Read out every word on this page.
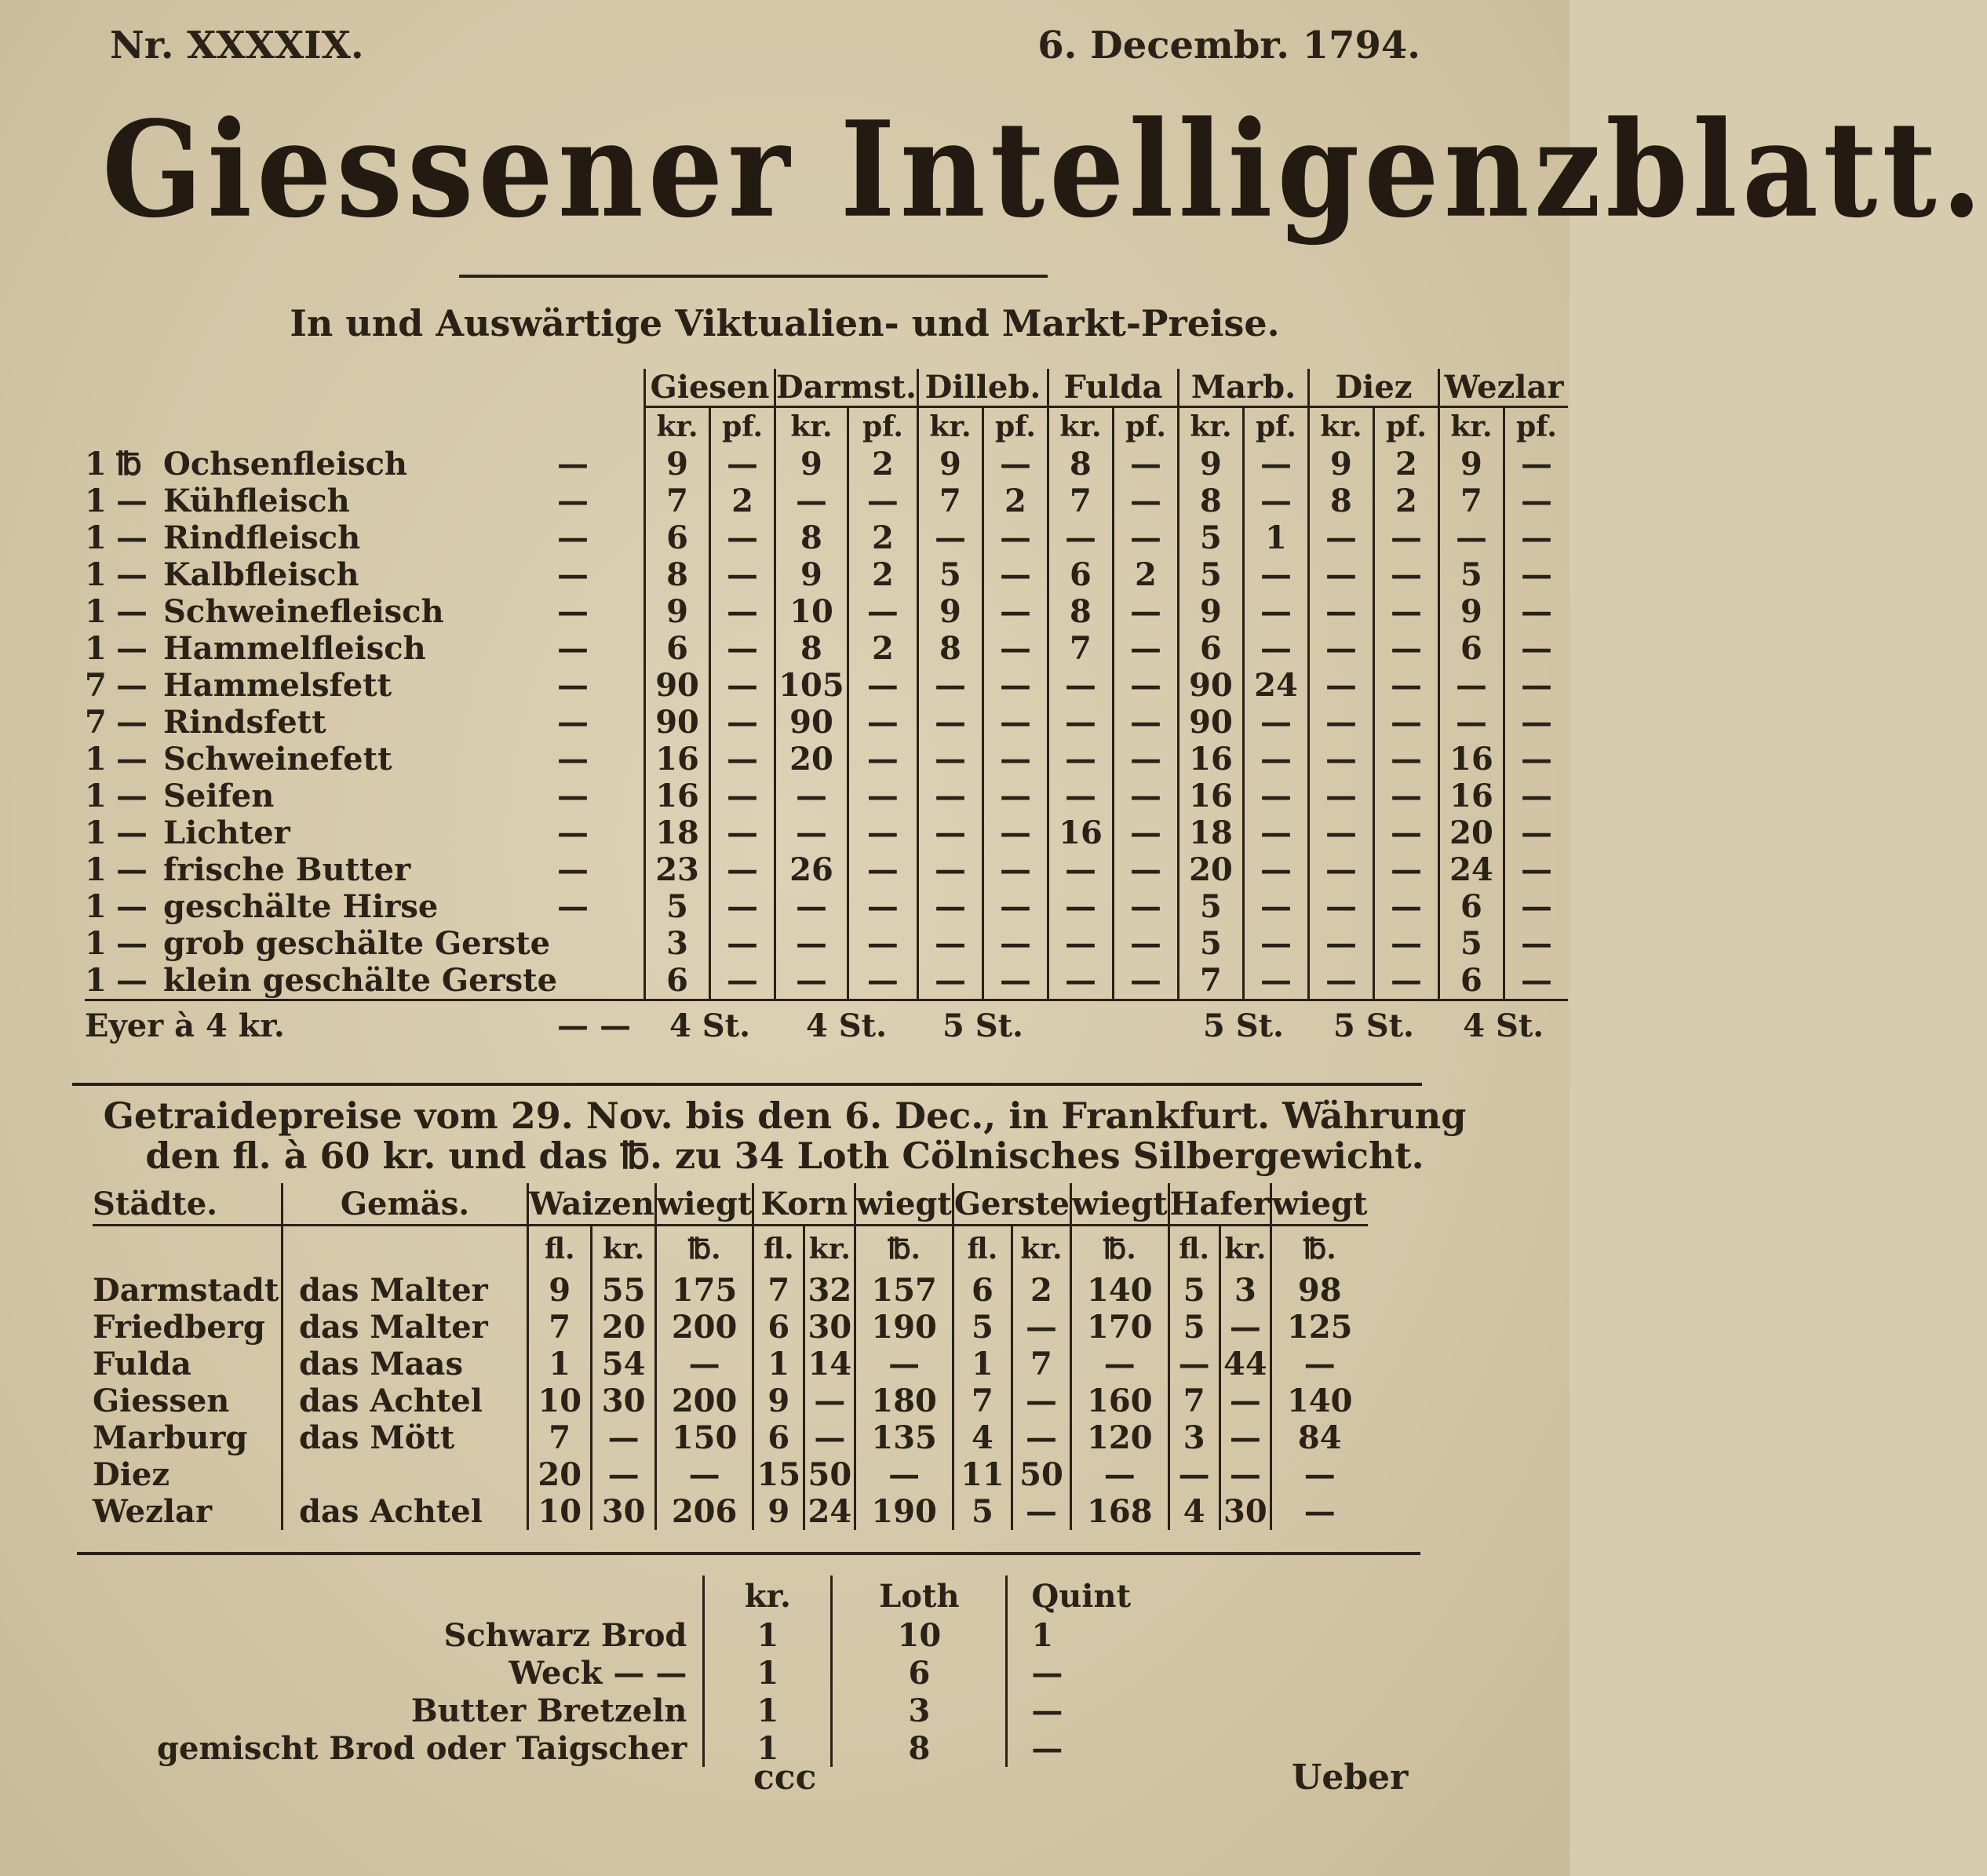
Nr. XXXXIX.	6. Decembr. 1794.
Giessener Intelligenzblatt.
In und Auswärtige Viktualien- und Markt-Preise.
				Giesen		Darmst.		Dillеb.		Fulda		Marb.		Diez		Wezlar	
				kr.	pf.	kr.	pf.	kr.	pf.	kr.	pf.	kr.	pf.	kr.	pf.	kr.	pf.
1	℔	Ochsenfleisch	—	9	—	9	2	9	—	8	—	9	—	9	2	9	—
1	—	Kühfleisch	—	7	2	—	—	7	2	7	—	8	—	8	2	7	—
1	—	Rindfleisch	—	6	—	8	2	—	—	—	—	5	1	—	—	—	—
1	—	Kalbfleisch	—	8	—	9	2	5	—	6	2	5	—	—	—	5	—
1	—	Schweinefleisch	—	9	—	10	—	9	—	8	—	9	—	—	—	9	—
1	—	Hammelfleisch	—	6	—	8	2	8	—	7	—	6	—	—	—	6	—
7	—	Hammelsfett	—	90	—	105	—	—	—	—	—	90	24	—	—	—	—
7	—	Rindsfett	—	90	—	90	—	—	—	—	—	90	—	—	—	—	—
1	—	Schweinefett	—	16	—	20	—	—	—	—	—	16	—	—	—	16	—
1	—	Seifen	—	16	—	—	—	—	—	—	—	16	—	—	—	16	—
1	—	Lichter	—	18	—	—	—	—	—	16	—	18	—	—	—	20	—
1	—	frische Butter	—	23	—	26	—	—	—	—	—	20	—	—	—	24	—
1	—	geschälte Hirse	—	5	—	—	—	—	—	—	—	5	—	—	—	6	—
1	—	grob geschälte Gerste		3	—	—	—	—	—	—	—	5	—	—	—	5	—
1	—	klein geschälte Gerste		6	—	—	—	—	—	—	—	7	—	—	—	6	—
Eyer à 4 kr.			— —	4 St.		4 St.		5 St.				5 St.		5 St.		4 St.	
Getraidepreise vom 29. Nov. bis den 6. Dec., in Frankfurt. Währung
den fl. à 60 kr. und das ℔. zu 34 Loth Cölnisches Silbergewicht.
Städte.	Gemäs.	Waizen		wiegt	Korn		wiegt	Gerste		wiegt	Hafer		wiegt
		fl.	kr.	℔.	fl.	kr.	℔.	fl.	kr.	℔.	fl.	kr.	℔.
Darmstadt	das Malter	9	55	175	7	32	157	6	2	140	5	3	98
Friedberg	das Malter	7	20	200	6	30	190	5	—	170	5	—	125
Fulda	das Maas	1	54	—	1	14	—	1	7	—	—	44	—
Giessen	das Achtel	10	30	200	9	—	180	7	—	160	7	—	140
Marburg	das Mött	7	—	150	6	—	135	4	—	120	3	—	84
Diez		20	—	—	15	50	—	11	50	—	—	—	—
Wezlar	das Achtel	10	30	206	9	24	190	5	—	168	4	30	—
	kr.	Loth	Quint
Schwarz Brod	1	10	1
Weck — —	1	6	—
Butter Bretzeln	1	3	—
gemischt Brod oder Taigscher	1	8	—
ccc	Ueber
